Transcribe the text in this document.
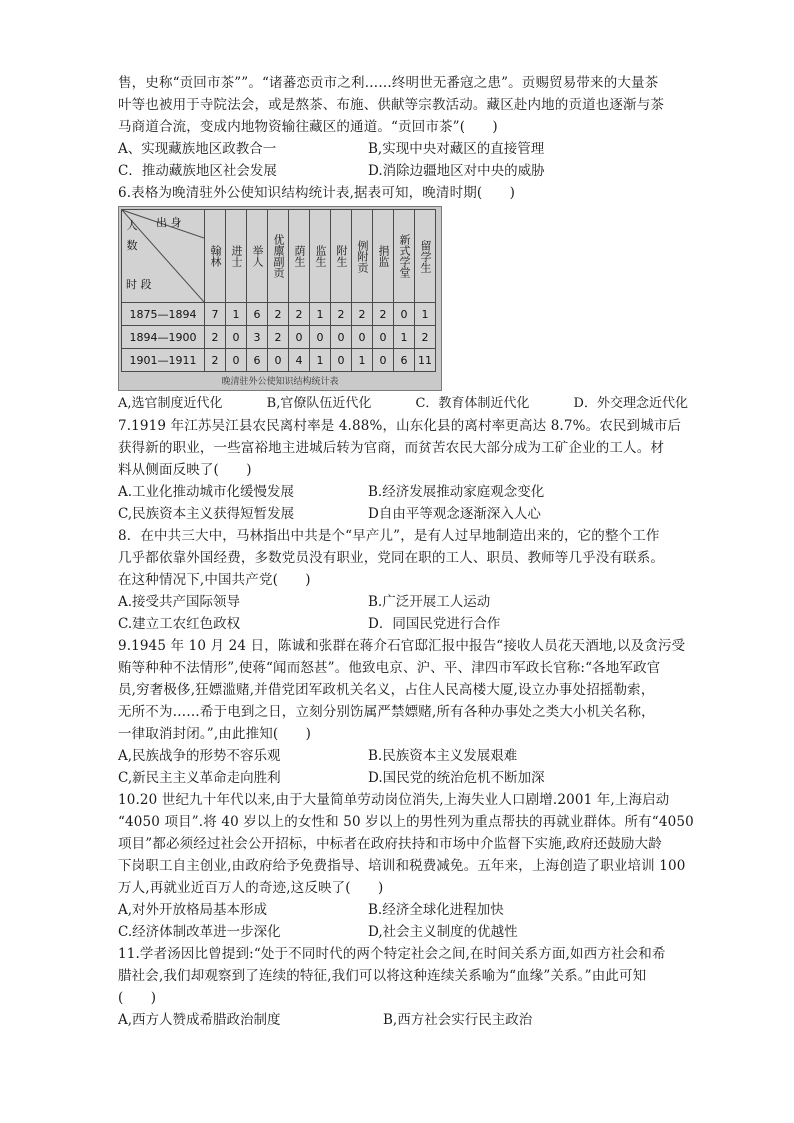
售，史称“贡回市茶””。“诸蕃恋贡市之利……终明世无番寇之患”。贡赐贸易带来的大量茶
叶等也被用于寺院法会，或是熬茶、布施、供献等宗教活动。藏区赴内地的贡道也逐渐与茶
马商道合流，变成内地物资输往藏区的通道。“贡回市茶”(　　)
A、实现藏族地区政教合一	B,实现中央对藏区的直接管理
C．推动藏族地区社会发展	D.消除边疆地区对中央的威胁
6.表格为晚清驻外公使知识结构统计表,据表可知，晚清时期(　　)
出 身
人 数
时 段	翰林	进士	举人	优廪副贡	荫生	监生	附生	例附贡	捐监	新式学堂	留学生
1875—1894	7	1	6	2	2	1	2	2	2	0	1
1894—1900	2	0	3	2	0	0	0	0	0	1	2
1901—1911	2	0	6	0	4	1	0	1	0	6	11
晚清驻外公使知识结构统计表
A,选官制度近代化	B,官僚队伍近代化	C．教育体制近代化	D．外交理念近代化
7.1919 年江苏吴江县农民离村率是 4.88%，山东化县的离村率更高达 8.7%。农民到城市后
获得新的职业，一些富裕地主进城后转为官商，而贫苦农民大部分成为工矿企业的工人。材
料从侧面反映了(　　)
A.工业化推动城市化缓慢发展	B.经济发展推动家庭观念变化
C,民族资本主义获得短暂发展	D自由平等观念逐渐深入人心
8．在中共三大中，马林指出中共是个“早产儿”，是有人过早地制造出来的，它的整个工作
几乎都依靠外国经费，多数党员没有职业，党同在职的工人、职员、教师等几乎没有联系。
在这种情况下,中国共产党(　　)
A.接受共产国际领导	B.广泛开展工人运动
C.建立工农红色政权	D．同国民党进行合作
9.1945 年 10 月 24 日，陈诚和张群在蒋介石官邸汇报中报告“接收人员花天酒地,以及贪污受
贿等种种不法情形”,使蒋“闻而怒甚”。他致电京、沪、平、津四市军政长官称:“各地军政官
员,穷奢极侈,狂嫖滥赌,并借党团军政机关名义，占住人民高楼大厦,设立办事处招摇勒索，
无所不为……希于电到之日，立刻分别饬属严禁嫖赌,所有各种办事处之类大小机关名称，
一律取消封闭。”,由此推知(　　)
A,民族战争的形势不容乐观	B.民族资本主义发展艰难
C,新民主主义革命走向胜利	D.国民党的统治危机不断加深
10.20 世纪九十年代以来,由于大量简单劳动岗位消失,上海失业人口剧增.2001 年,上海启动
“4050 项目”.将 40 岁以上的女性和 50 岁以上的男性列为重点帮扶的再就业群体。所有“4050
项目”都必须经过社会公开招标，中标者在政府扶持和市场中介监督下实施,政府还鼓励大龄
下岗职工自主创业,由政府给予免费指导、培训和税费减免。五年来，上海创造了职业培训 100
万人,再就业近百万人的奇迹,这反映了(　　)
A,对外开放格局基本形成	B.经济全球化进程加快
C.经济体制改革进一步深化	D,社会主义制度的优越性
11.学者汤因比曾提到:“处于不同时代的两个特定社会之间,在时间关系方面,如西方社会和希
腊社会,我们却观察到了连续的特征,我们可以将这种连续关系喻为“血缘”关系。”由此可知
(　　)
A,西方人赞成希腊政治制度	B,西方社会实行民主政治
